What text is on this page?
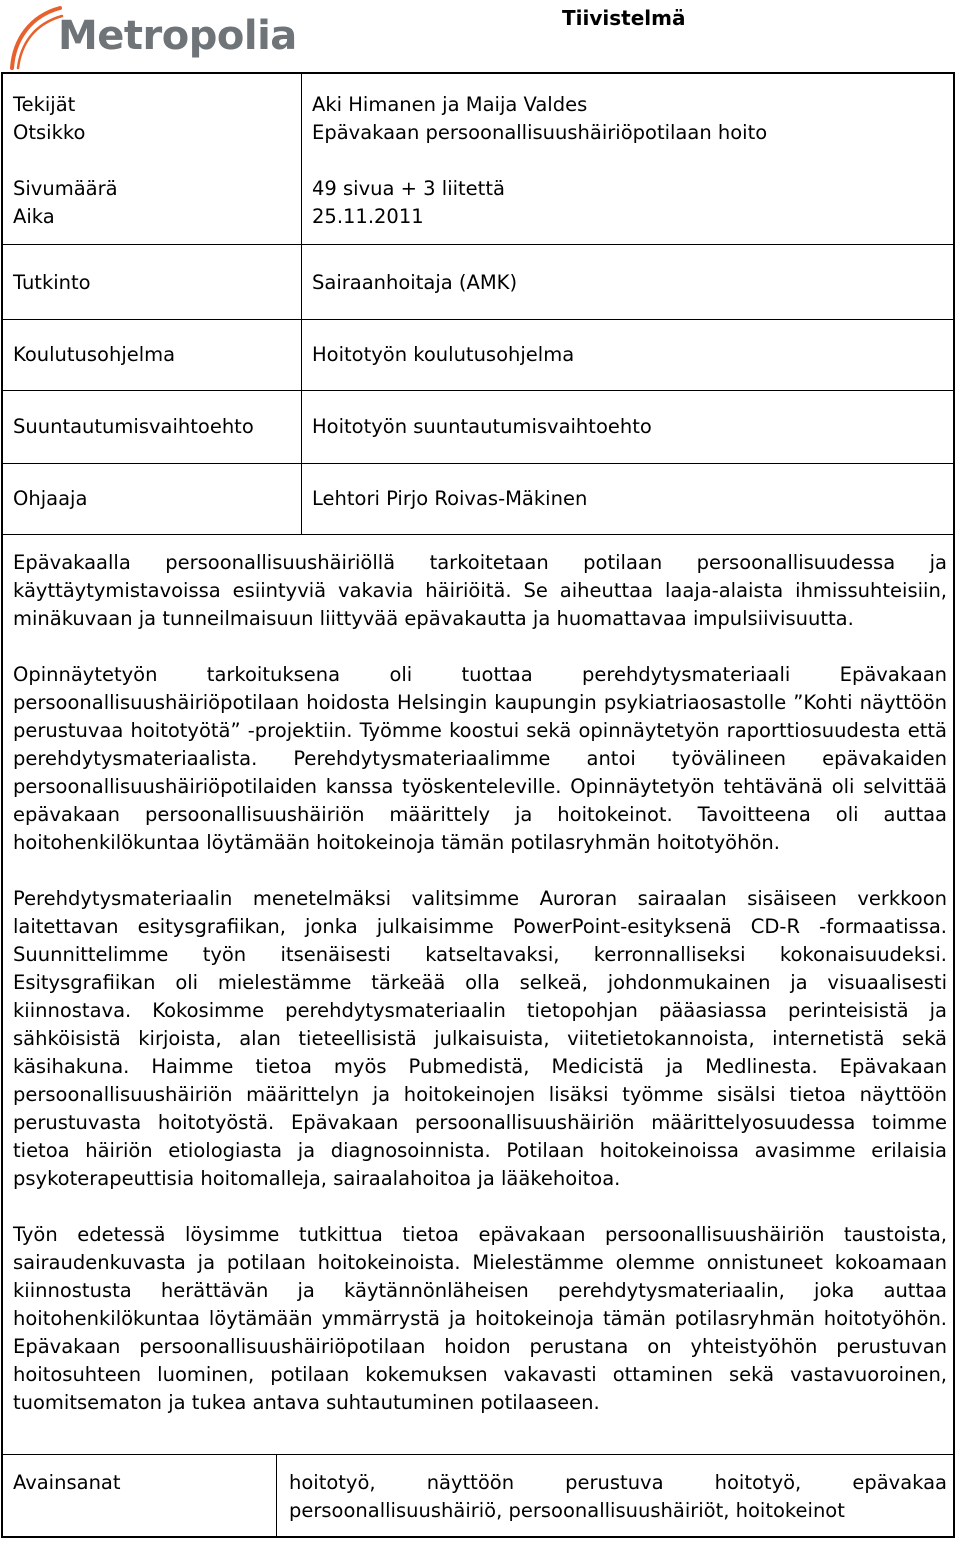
Metropolia	Tiivistelmä
Tekijät
Otsikko
Sivumäärä
Aika
Tutkinto
Koulutusohjelma
Suuntautumisvaihtoehto
Ohjaaja
Aki Himanen ja Maija Valdes
Epävakaan persoonallisuushäiriöpotilaan hoito
49 sivua + 3 liitettä
25.11.2011
Sairaanhoitaja (AMK)
Hoitotyön koulutusohjelma
Hoitotyön suuntautumisvaihtoehto
Lehtori Pirjo Roivas-Mäkinen

Epävakaalla persoonallisuushäiriöllä tarkoitetaan potilaan persoonallisuudessa ja käyttäytymistavoissa esiintyviä vakavia häiriöitä. Se aiheuttaa laaja-alaista ihmissuhteisiin, minäkuvaan ja tunneilmaisuun liittyvää epävakautta ja huomattavaa impulsiivisuutta.

Opinnäytetyön tarkoituksena oli tuottaa perehdytysmateriaali Epävakaan persoonallisuushäiriöpotilaan hoidosta Helsingin kaupungin psykiatriaosastolle ”Kohti näyttöön perustuvaa hoitotyötä” -projektiin. Työmme koostui sekä opinnäytetyön raporttiosuudesta että perehdytysmateriaalista. Perehdytysmateriaalimme antoi työvälineen epävakaiden persoonallisuushäiriöpotilaiden kanssa työskenteleville. Opinnäytetyön tehtävänä oli selvittää epävakaan persoonallisuushäiriön määrittely ja hoitokeinot. Tavoitteena oli auttaa hoitohenkilökuntaa löytämään hoitokeinoja tämän potilasryhmän hoitotyöhön.

Perehdytysmateriaalin menetelmäksi valitsimme Auroran sairaalan sisäiseen verkkoon laitettavan esitysgrafiikan, jonka julkaisimme PowerPoint-esityksenä CD-R -formaatissa. Suunnittelimme työn itsenäisesti katseltavaksi, kerronnalliseksi kokonaisuudeksi. Esitysgrafiikan oli mielestämme tärkeää olla selkeä, johdonmukainen ja visuaalisesti kiinnostava. Kokosimme perehdytysmateriaalin tietopohjan pääasiassa perinteisistä ja sähköisistä kirjoista, alan tieteellisistä julkaisuista, viitetietokannoista, internetistä sekä käsihakuna. Haimme tietoa myös Pubmedistä, Medicistä ja Medlinesta. Epävakaan persoonallisuushäiriön määrittelyn ja hoitokeinojen lisäksi työmme sisälsi tietoa näyttöön perustuvasta hoitotyöstä. Epävakaan persoonallisuushäiriön määrittelyosuudessa toimme tietoa häiriön etiologiasta ja diagnosoinnista. Potilaan hoitokeinoissa avasimme erilaisia psykoterapeuttisia hoitomalleja, sairaalahoitoa ja lääkehoitoa.

Työn edetessä löysimme tutkittua tietoa epävakaan persoonallisuushäiriön taustoista, sairaudenkuvasta ja potilaan hoitokeinoista. Mielestämme olemme onnistuneet kokoamaan kiinnostusta herättävän ja käytännönläheisen perehdytysmateriaalin, joka auttaa hoitohenkilökuntaa löytämään ymmärrystä ja hoitokeinoja tämän potilasryhmän hoitotyöhön. Epävakaan persoonallisuushäiriöpotilaan hoidon perustana on yhteistyöhön perustuvan hoitosuhteen luominen, potilaan kokemuksen vakavasti ottaminen sekä vastavuoroinen, tuomitsematon ja tukea antava suhtautuminen potilaaseen.

Avainsanat	hoitotyö, näyttöön perustuva hoitotyö, epävakaa persoonallisuushäiriö, persoonallisuushäiriöt, hoitokeinot
